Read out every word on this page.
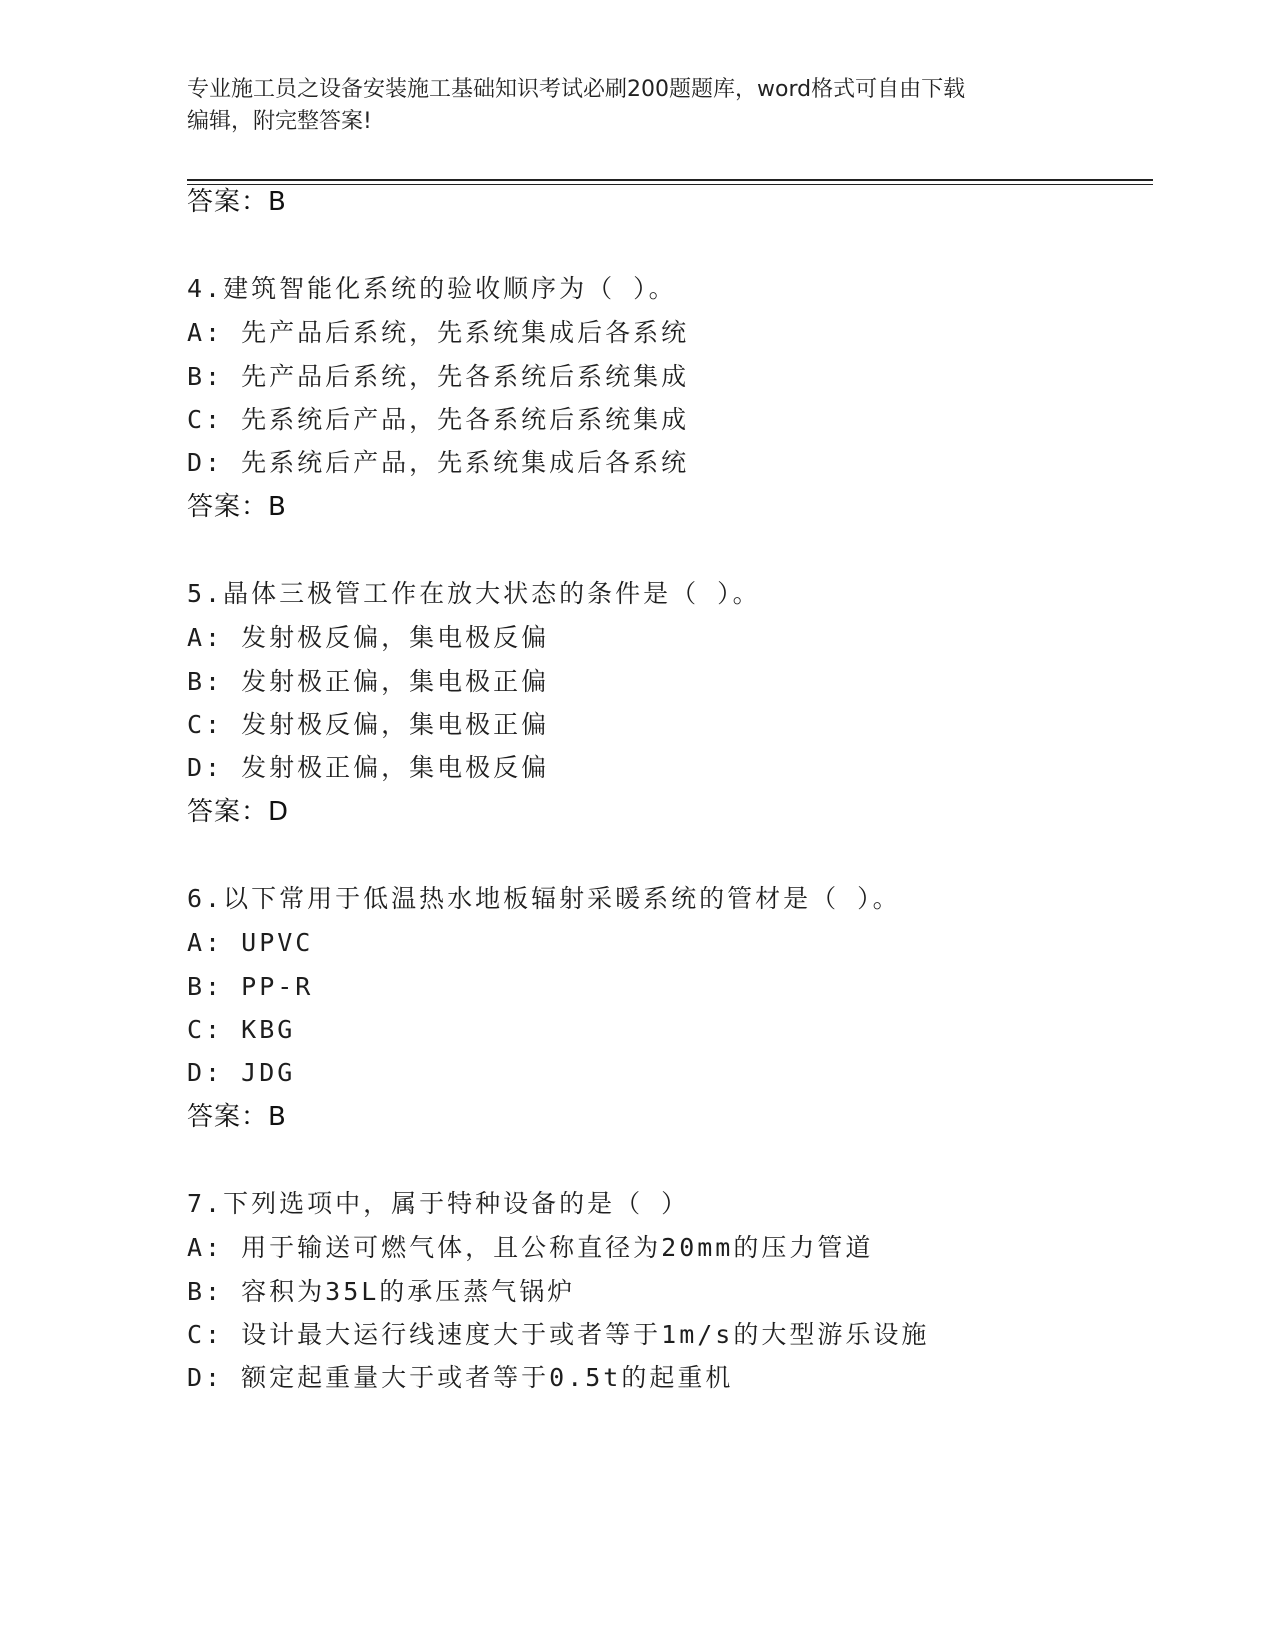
专业施工员之设备安装施工基础知识考试必刷200题题库，word格式可自由下载
编辑，附完整答案!
答案：B
4.建筑智能化系统的验收顺序为（ ）。
A: 先产品后系统，先系统集成后各系统
B: 先产品后系统，先各系统后系统集成
C: 先系统后产品，先各系统后系统集成
D: 先系统后产品，先系统集成后各系统
答案：B
5.晶体三极管工作在放大状态的条件是（ ）。
A: 发射极反偏，集电极反偏
B: 发射极正偏，集电极正偏
C: 发射极反偏，集电极正偏
D: 发射极正偏，集电极反偏
答案：D
6.以下常用于低温热水地板辐射采暖系统的管材是（ ）。
A: UPVC
B: PP-R
C: KBG
D: JDG
答案：B
7.下列选项中，属于特种设备的是（ ）
A: 用于输送可燃气体，且公称直径为20mm的压力管道
B: 容积为35L的承压蒸气锅炉
C: 设计最大运行线速度大于或者等于1m/s的大型游乐设施
D: 额定起重量大于或者等于0.5t的起重机
